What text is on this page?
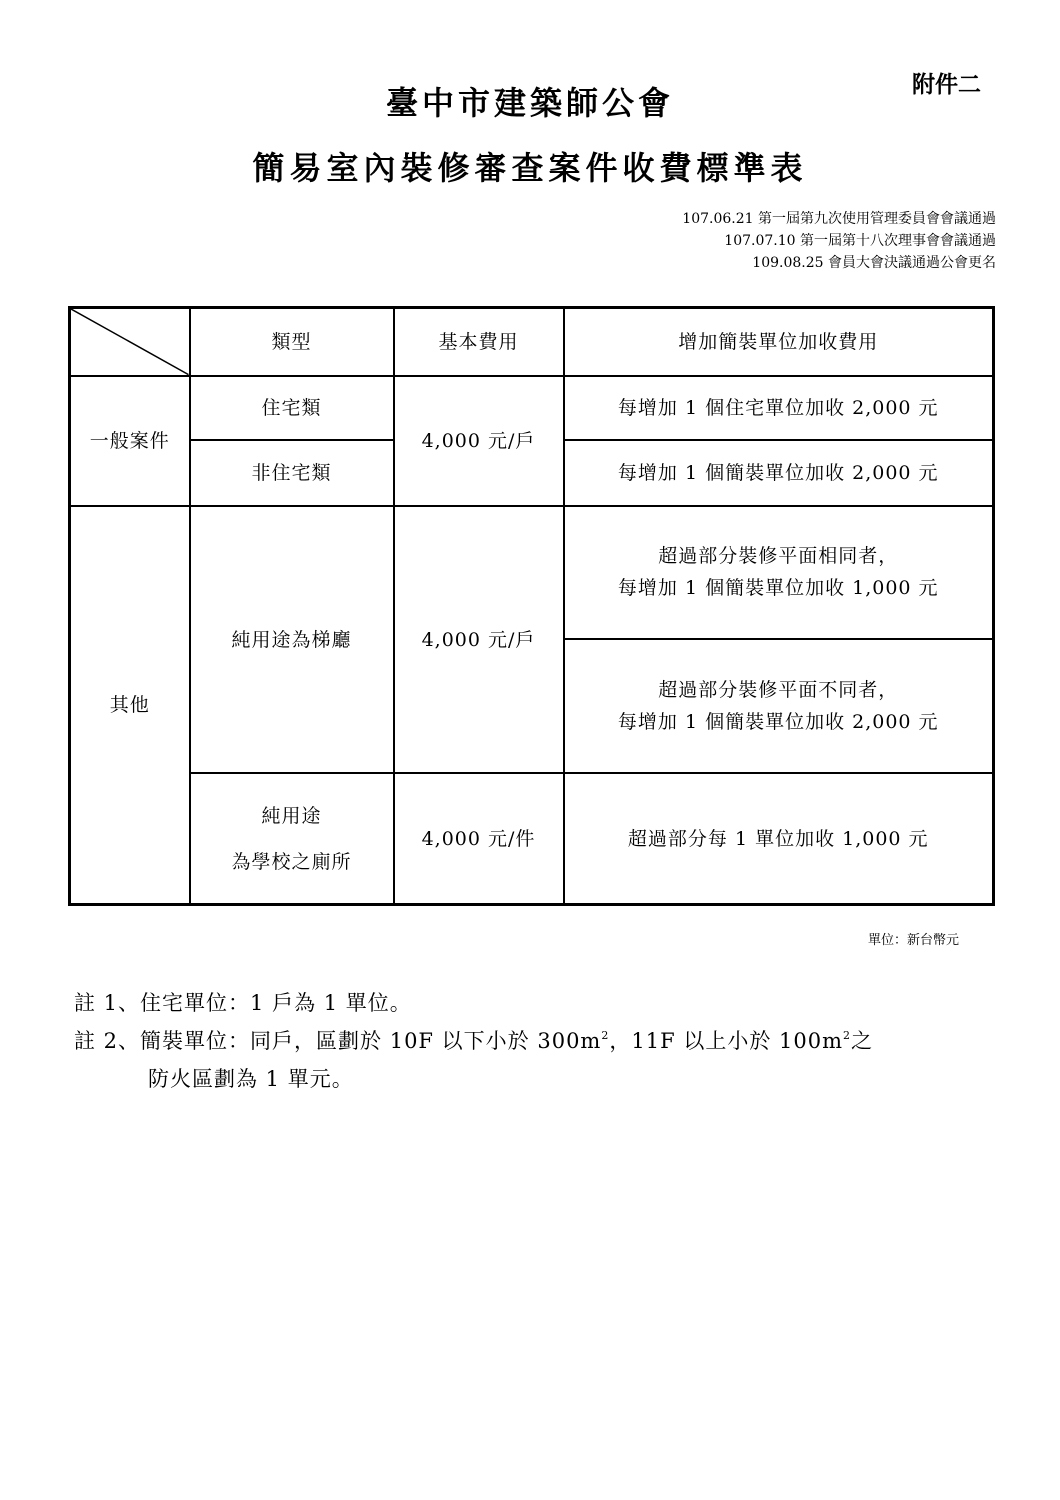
附件二
臺中市建築師公會
簡易室內裝修審查案件收費標準表
107.06.21 第一屆第九次使用管理委員會會議通過
107.07.10 第一屆第十八次理事會會議通過
109.08.25 會員大會決議通過公會更名
	類型	基本費用	增加簡裝單位加收費用
一般案件	住宅類	4,000 元/戶	每增加 1 個住宅單位加收 2,000 元
	非住宅類		每增加 1 個簡裝單位加收 2,000 元
其他	純用途為梯廳	4,000 元/戶	超過部分裝修平面相同者，
每增加 1 個簡裝單位加收 1,000 元

			超過部分裝修平面不同者，
每增加 1 個簡裝單位加收 2,000 元

	純用途
為學校之廁所	4,000 元/件	超過部分每 1 單位加收 1,000 元
單位：新台幣元
註 1、住宅單位：1 戶為 1 單位。
註 2、簡裝單位：同戶，區劃於 10F 以下小於 $300m^2$，11F 以上小於 $100m^2$之
防火區劃為 1 單元。
